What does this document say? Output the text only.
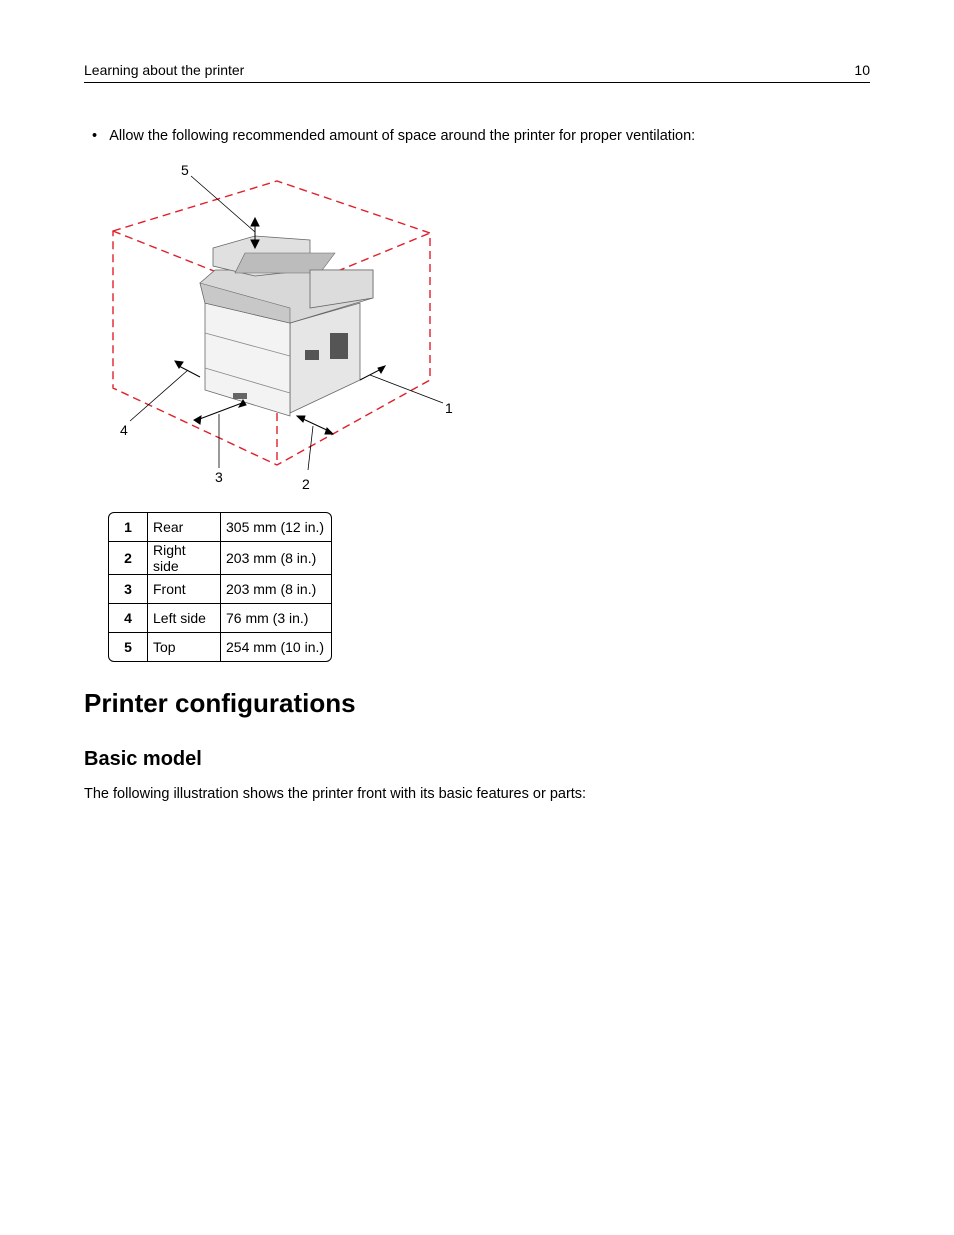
Learning about the printer	10
• Allow the following recommended amount of space around the printer for proper ventilation:
5
1
2
3
4
1	Rear	305 mm (12 in.)
2	Right side	203 mm (8 in.)
3	Front	203 mm (8 in.)
4	Left side	76 mm (3 in.)
5	Top	254 mm (10 in.)
Printer configurations
Basic model

The following illustration shows the printer front with its basic features or parts:
